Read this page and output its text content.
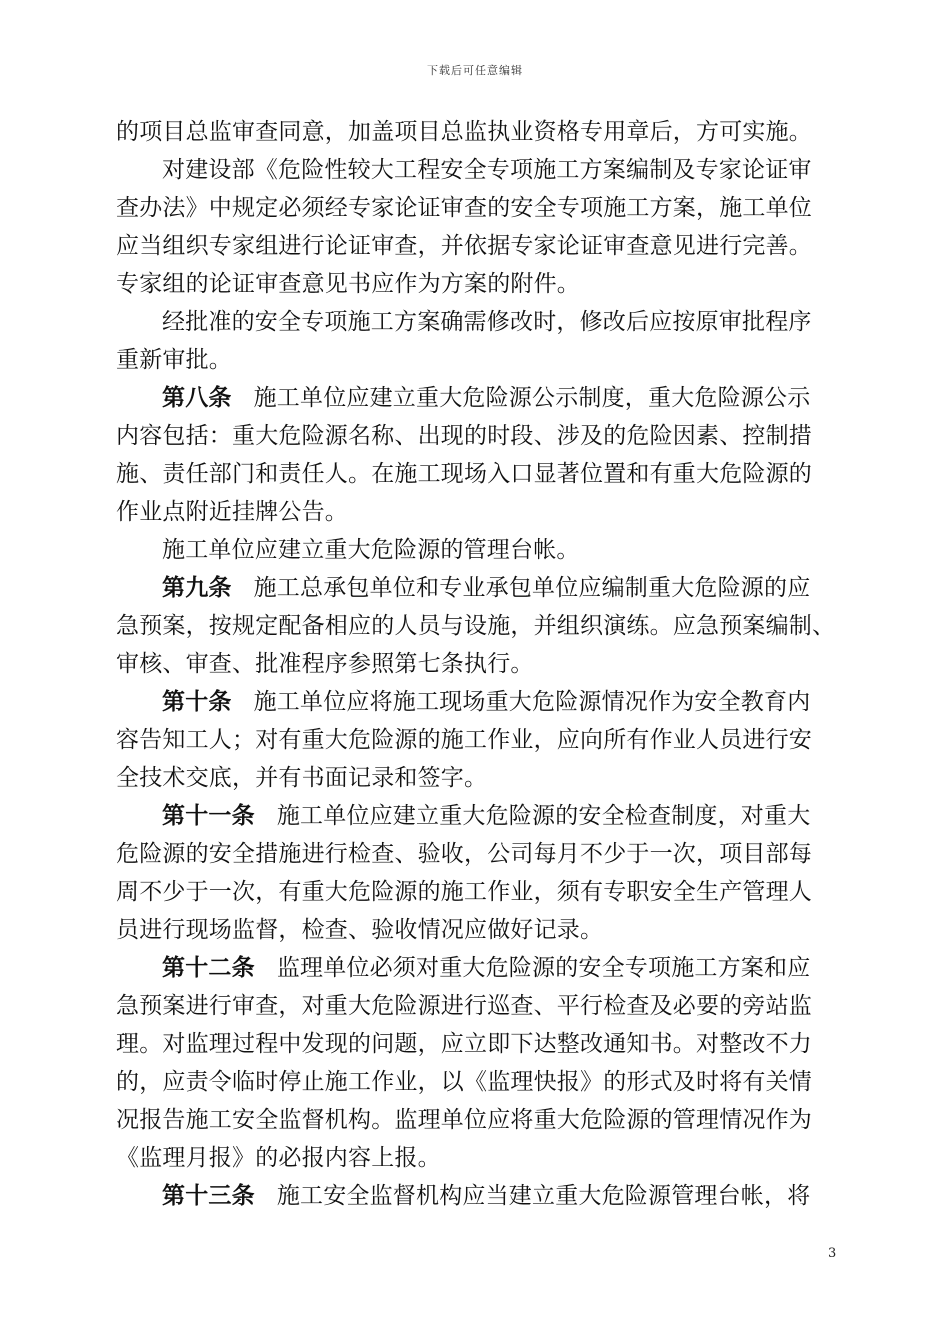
下载后可任意编辑
的项目总监审查同意，加盖项目总监执业资格专用章后，方可实施。
对建设部《危险性较大工程安全专项施工方案编制及专家论证审
查办法》中规定必须经专家论证审查的安全专项施工方案，施工单位
应当组织专家组进行论证审查，并依据专家论证审查意见进行完善。
专家组的论证审查意见书应作为方案的附件。
经批准的安全专项施工方案确需修改时，修改后应按原审批程序
重新审批。
第八条 施工单位应建立重大危险源公示制度，重大危险源公示
内容包括：重大危险源名称、出现的时段、涉及的危险因素、控制措
施、责任部门和责任人。在施工现场入口显著位置和有重大危险源的
作业点附近挂牌公告。
施工单位应建立重大危险源的管理台帐。
第九条 施工总承包单位和专业承包单位应编制重大危险源的应
急预案，按规定配备相应的人员与设施，并组织演练。应急预案编制、
审核、审查、批准程序参照第七条执行。
第十条 施工单位应将施工现场重大危险源情况作为安全教育内
容告知工人；对有重大危险源的施工作业，应向所有作业人员进行安
全技术交底，并有书面记录和签字。
第十一条 施工单位应建立重大危险源的安全检查制度，对重大
危险源的安全措施进行检查、验收，公司每月不少于一次，项目部每
周不少于一次，有重大危险源的施工作业，须有专职安全生产管理人
员进行现场监督，检查、验收情况应做好记录。
第十二条 监理单位必须对重大危险源的安全专项施工方案和应
急预案进行审查，对重大危险源进行巡查、平行检查及必要的旁站监
理。对监理过程中发现的问题，应立即下达整改通知书。对整改不力
的，应责令临时停止施工作业，以《监理快报》的形式及时将有关情
况报告施工安全监督机构。监理单位应将重大危险源的管理情况作为
《监理月报》的必报内容上报。
第十三条 施工安全监督机构应当建立重大危险源管理台帐，将
3
